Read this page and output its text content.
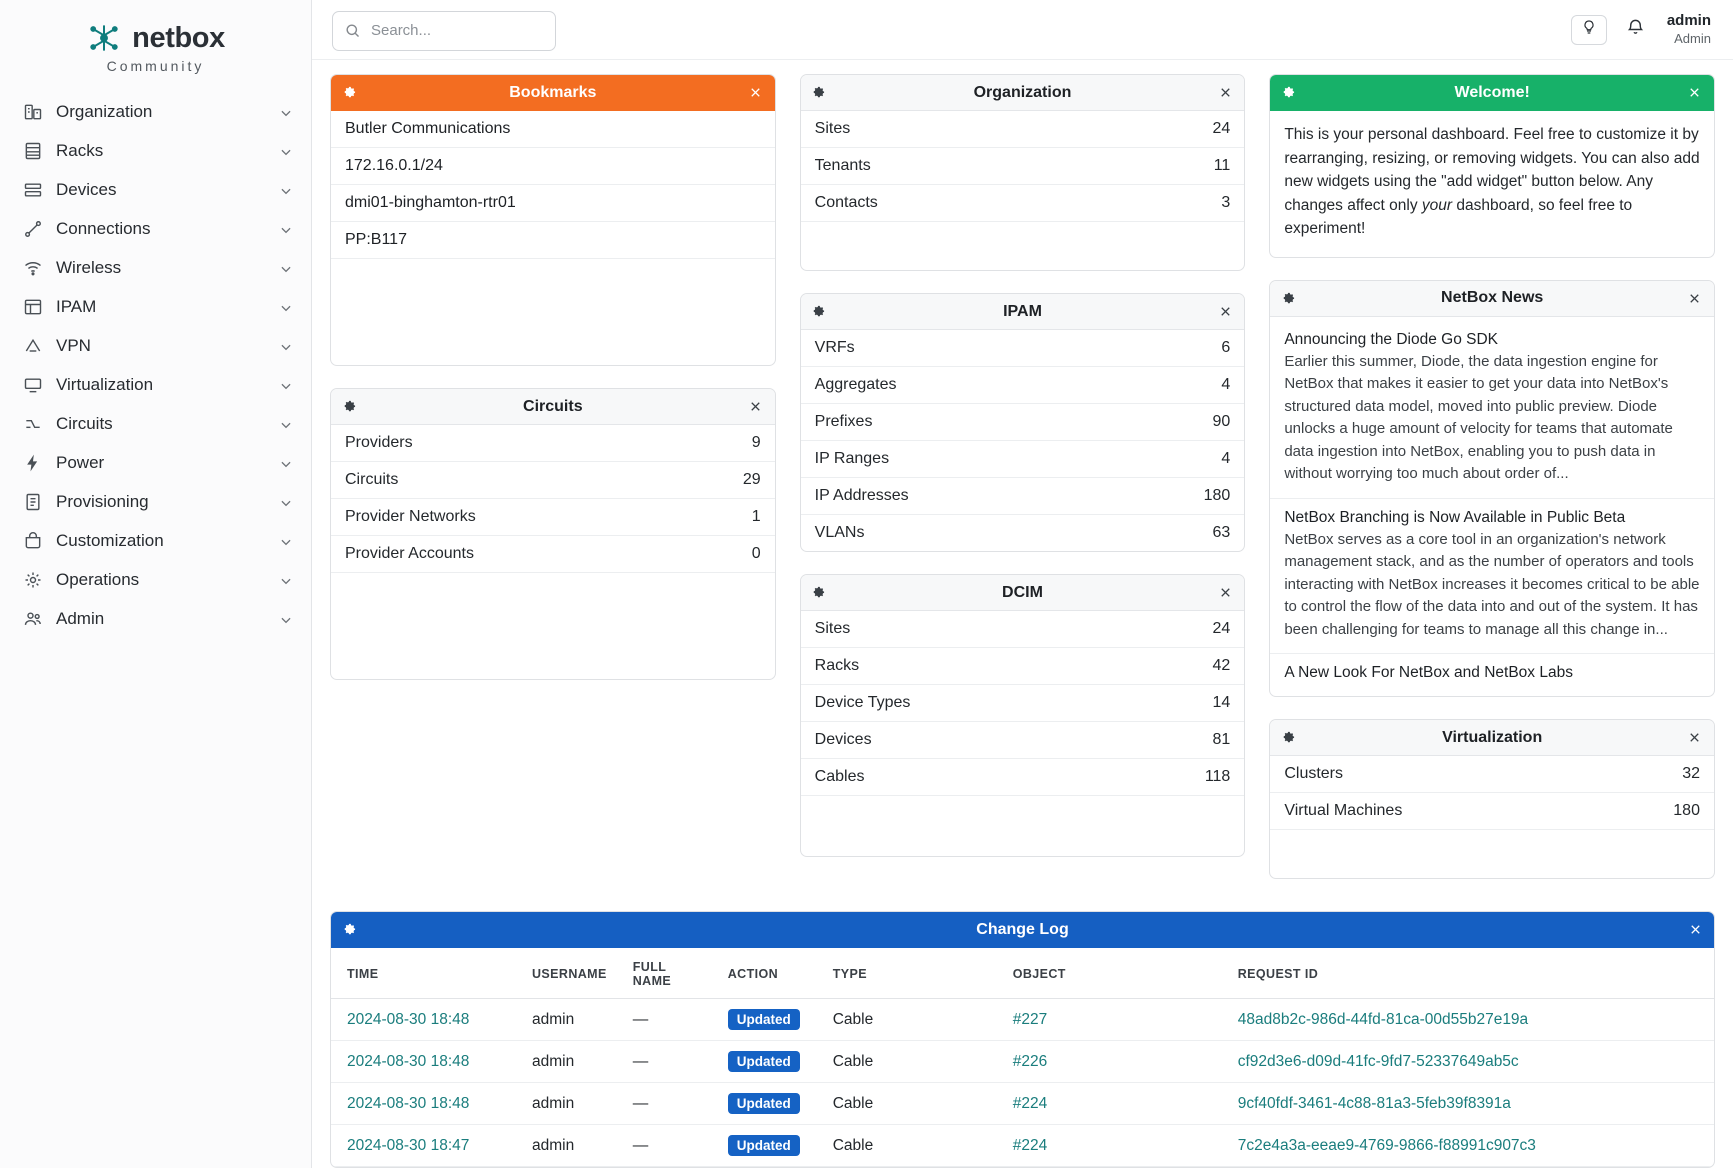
netbox
Community
Organization
Racks
Devices
Connections
Wireless
IPAM
VPN
Virtualization
Circuits
Power
Provisioning
Customization
Operations
Admin
Search...
admin
Admin
Bookmarks
Butler Communications
172.16.0.1/24
dmi01-binghamton-rtr01
PP:B117
Circuits
Providers	9
Circuits	29
Provider Networks	1
Provider Accounts	0
Organization
Sites	24
Tenants	11
Contacts	3
IPAM
VRFs	6
Aggregates	4
Prefixes	90
IP Ranges	4
IP Addresses	180
VLANs	63
DCIM
Sites	24
Racks	42
Device Types	14
Devices	81
Cables	118
Welcome!
This is your personal dashboard. Feel free to customize it by rearranging, resizing, or removing widgets. You can also add new widgets using the "add widget" button below. Any changes affect only your dashboard, so feel free to experiment!
NetBox News
Announcing the Diode Go SDK
Earlier this summer, Diode, the data ingestion engine for NetBox that makes it easier to get your data into NetBox's structured data model, moved into public preview. Diode unlocks a huge amount of velocity for teams that automate data ingestion into NetBox, enabling you to push data in without worrying too much about order of...
NetBox Branching is Now Available in Public Beta
NetBox serves as a core tool in an organization's network management stack, and as the number of operators and tools interacting with NetBox increases it becomes critical to be able to control the flow of the data into and out of the system. It has been challenging for teams to manage all this change in...
A New Look For NetBox and NetBox Labs
Virtualization
Clusters	32
Virtual Machines	180
Change Log
TIME	USERNAME	FULL NAME	ACTION	TYPE	OBJECT	REQUEST ID
2024-08-30 18:48	admin	—	Updated	Cable	#227	48ad8b2c-986d-44fd-81ca-00d55b27e19a
2024-08-30 18:48	admin	—	Updated	Cable	#226	cf92d3e6-d09d-41fc-9fd7-52337649ab5c
2024-08-30 18:48	admin	—	Updated	Cable	#224	9cf40fdf-3461-4c88-81a3-5feb39f8391a
2024-08-30 18:47	admin	—	Updated	Cable	#224	7c2e4a3a-eeae9-4769-9866-f88991c907c3
